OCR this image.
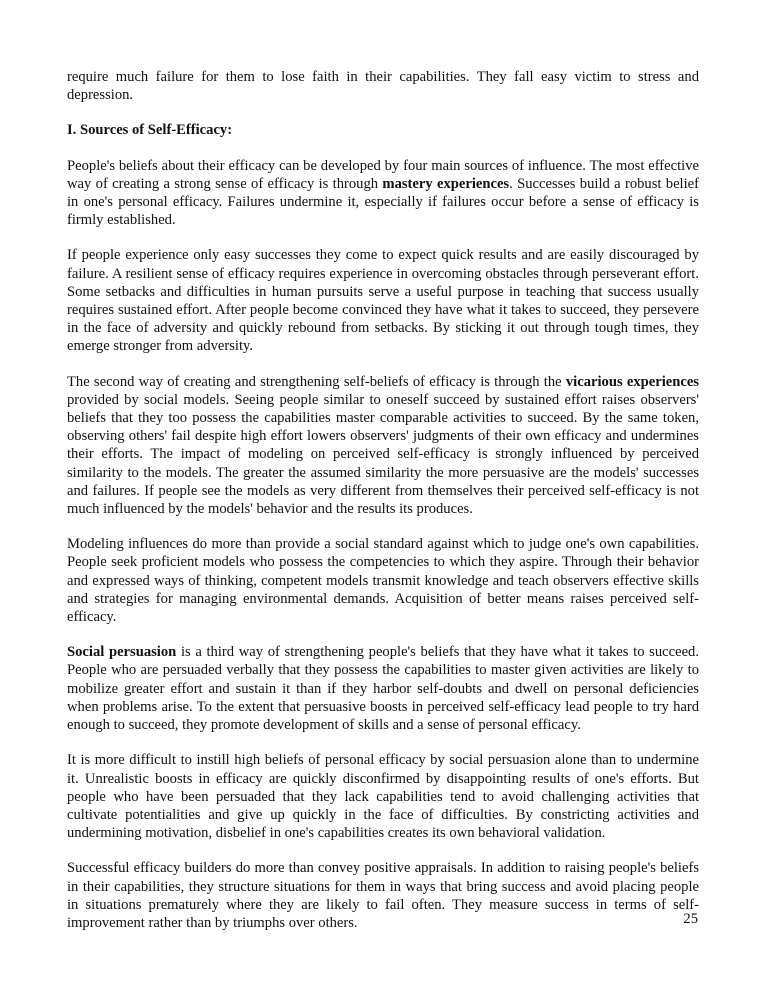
require much failure for them to lose faith in their capabilities. They fall easy victim to stress and depression.

I. Sources of Self-Efficacy:

People's beliefs about their efficacy can be developed by four main sources of influence. The most effective way of creating a strong sense of efficacy is through mastery experiences. Successes build a robust belief in one's personal efficacy. Failures undermine it, especially if failures occur before a sense of efficacy is firmly established.

If people experience only easy successes they come to expect quick results and are easily discouraged by failure. A resilient sense of efficacy requires experience in overcoming obstacles through perseverant effort. Some setbacks and difficulties in human pursuits serve a useful purpose in teaching that success usually requires sustained effort. After people become convinced they have what it takes to succeed, they persevere in the face of adversity and quickly rebound from setbacks. By sticking it out through tough times, they emerge stronger from adversity.

The second way of creating and strengthening self-beliefs of efficacy is through the vicarious experiences provided by social models. Seeing people similar to oneself succeed by sustained effort raises observers' beliefs that they too possess the capabilities master comparable activities to succeed. By the same token, observing others' fail despite high effort lowers observers' judgments of their own efficacy and undermines their efforts. The impact of modeling on perceived self-efficacy is strongly influenced by perceived similarity to the models. The greater the assumed similarity the more persuasive are the models' successes and failures. If people see the models as very different from themselves their perceived self-efficacy is not much influenced by the models' behavior and the results its produces.

Modeling influences do more than provide a social standard against which to judge one's own capabilities. People seek proficient models who possess the competencies to which they aspire. Through their behavior and expressed ways of thinking, competent models transmit knowledge and teach observers effective skills and strategies for managing environmental demands. Acquisition of better means raises perceived self-efficacy.

Social persuasion is a third way of strengthening people's beliefs that they have what it takes to succeed. People who are persuaded verbally that they possess the capabilities to master given activities are likely to mobilize greater effort and sustain it than if they harbor self-doubts and dwell on personal deficiencies when problems arise. To the extent that persuasive boosts in perceived self-efficacy lead people to try hard enough to succeed, they promote development of skills and a sense of personal efficacy.

It is more difficult to instill high beliefs of personal efficacy by social persuasion alone than to undermine it. Unrealistic boosts in efficacy are quickly disconfirmed by disappointing results of one's efforts. But people who have been persuaded that they lack capabilities tend to avoid challenging activities that cultivate potentialities and give up quickly in the face of difficulties. By constricting activities and undermining motivation, disbelief in one's capabilities creates its own behavioral validation.

Successful efficacy builders do more than convey positive appraisals. In addition to raising people's beliefs in their capabilities, they structure situations for them in ways that bring success and avoid placing people in situations prematurely where they are likely to fail often. They measure success in terms of self-improvement rather than by triumphs over others.	25
